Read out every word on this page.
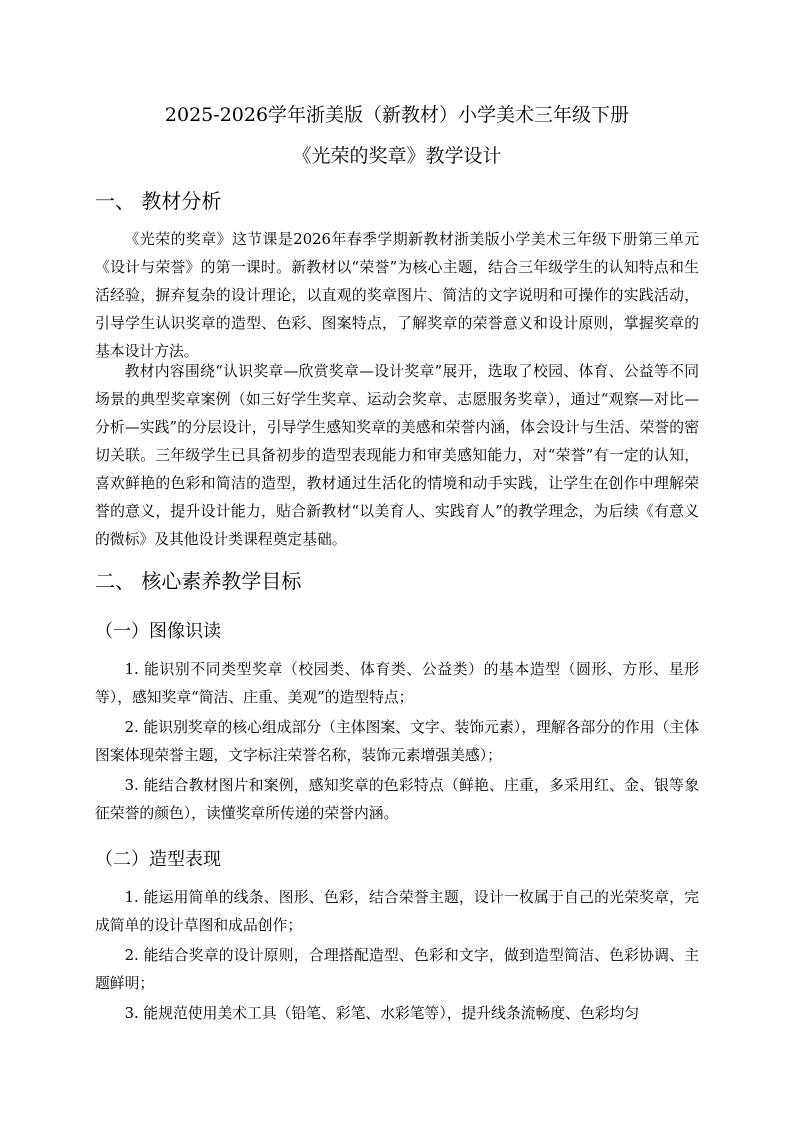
2025-2026学年浙美版（新教材）小学美术三年级下册
《光荣的奖章》教学设计
一、 教材分析

《光荣的奖章》这节课是2026年春季学期新教材浙美版小学美术三年级下册第三单元《设计与荣誉》的第一课时。新教材以“荣誉”为核心主题，结合三年级学生的认知特点和生活经验，摒弃复杂的设计理论，以直观的奖章图片、简洁的文字说明和可操作的实践活动，引导学生认识奖章的造型、色彩、图案特点，了解奖章的荣誉意义和设计原则，掌握奖章的基本设计方法。

教材内容围绕“认识奖章—欣赏奖章—设计奖章”展开，选取了校园、体育、公益等不同场景的典型奖章案例（如三好学生奖章、运动会奖章、志愿服务奖章），通过“观察—对比—分析—实践”的分层设计，引导学生感知奖章的美感和荣誉内涵，体会设计与生活、荣誉的密切关联。三年级学生已具备初步的造型表现能力和审美感知能力，对“荣誉”有一定的认知，喜欢鲜艳的色彩和简洁的造型，教材通过生活化的情境和动手实践，让学生在创作中理解荣誉的意义，提升设计能力，贴合新教材“以美育人、实践育人”的教学理念，为后续《有意义的微标》及其他设计类课程奠定基础。

二、 核心素养教学目标
（一）图像识读

1. 能识别不同类型奖章（校园类、体育类、公益类）的基本造型（圆形、方形、星形等），感知奖章“简洁、庄重、美观”的造型特点；

2. 能识别奖章的核心组成部分（主体图案、文字、装饰元素），理解各部分的作用（主体图案体现荣誉主题，文字标注荣誉名称，装饰元素增强美感）；

3. 能结合教材图片和案例，感知奖章的色彩特点（鲜艳、庄重，多采用红、金、银等象征荣誉的颜色），读懂奖章所传递的荣誉内涵。

（二）造型表现

1. 能运用简单的线条、图形、色彩，结合荣誉主题，设计一枚属于自己的光荣奖章，完成简单的设计草图和成品创作；

2. 能结合奖章的设计原则，合理搭配造型、色彩和文字，做到造型简洁、色彩协调、主题鲜明；

3. 能规范使用美术工具（铅笔、彩笔、水彩笔等），提升线条流畅度、色彩均匀
